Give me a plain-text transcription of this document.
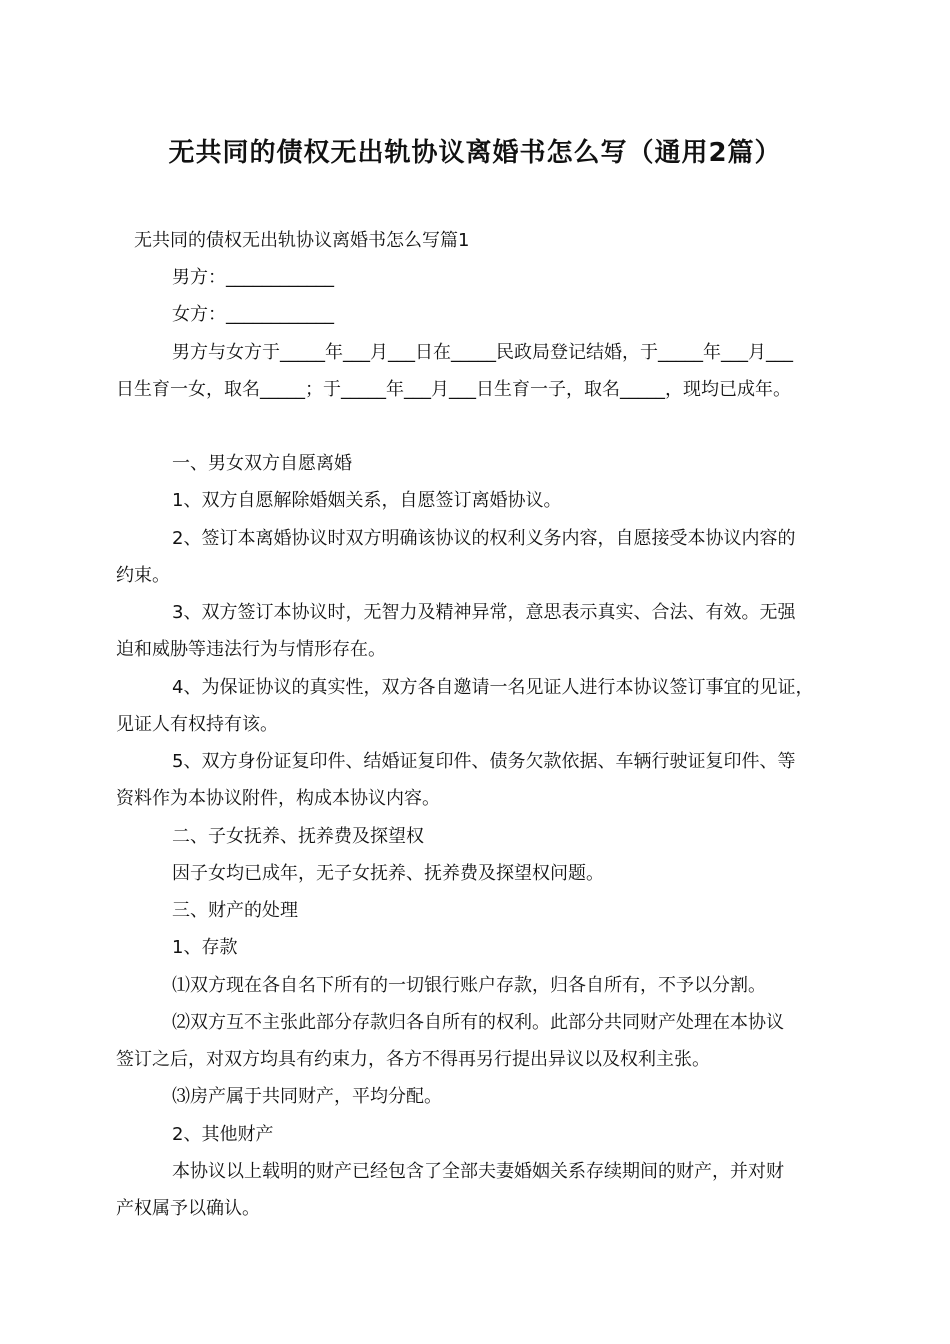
无共同的债权无出轨协议离婚书怎么写（通用2篇）

无共同的债权无出轨协议离婚书怎么写篇1

男方：____________

女方：____________

男方与女方于_____年___月___日在_____民政局登记结婚，于_____年___月___

日生育一女，取名_____；于_____年___月___日生育一子，取名_____，现均已成年。

一、男女双方自愿离婚

1、双方自愿解除婚姻关系，自愿签订离婚协议。

2、签订本离婚协议时双方明确该协议的权利义务内容，自愿接受本协议内容的

约束。

3、双方签订本协议时，无智力及精神异常，意思表示真实、合法、有效。无强

迫和威胁等违法行为与情形存在。

4、为保证协议的真实性，双方各自邀请一名见证人进行本协议签订事宜的见证，

见证人有权持有该。

5、双方身份证复印件、结婚证复印件、债务欠款依据、车辆行驶证复印件、等

资料作为本协议附件，构成本协议内容。

二、子女抚养、抚养费及探望权

因子女均已成年，无子女抚养、抚养费及探望权问题。

三、财产的处理

1、存款

⑴双方现在各自名下所有的一切银行账户存款，归各自所有，不予以分割。

⑵双方互不主张此部分存款归各自所有的权利。此部分共同财产处理在本协议

签订之后，对双方均具有约束力，各方不得再另行提出异议以及权利主张。

⑶房产属于共同财产，平均分配。

2、其他财产

本协议以上载明的财产已经包含了全部夫妻婚姻关系存续期间的财产，并对财

产权属予以确认。
